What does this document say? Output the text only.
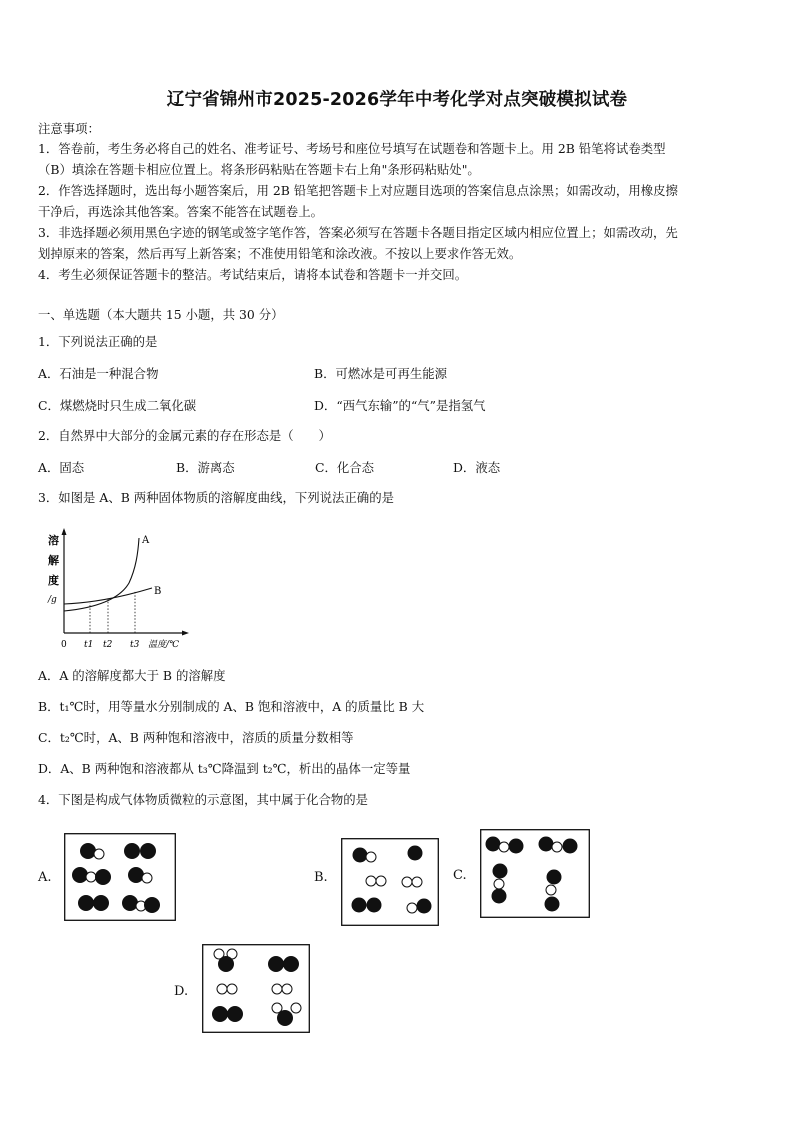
辽宁省锦州市2025-2026学年中考化学对点突破模拟试卷
注意事项：
1．答卷前，考生务必将自己的姓名、准考证号、考场号和座位号填写在试题卷和答题卡上。用 2B 铅笔将试卷类型
（B）填涂在答题卡相应位置上。将条形码粘贴在答题卡右上角"条形码粘贴处"。
2．作答选择题时，选出每小题答案后，用 2B 铅笔把答题卡上对应题目选项的答案信息点涂黑；如需改动，用橡皮擦
干净后，再选涂其他答案。答案不能答在试题卷上。
3．非选择题必须用黑色字迹的钢笔或签字笔作答，答案必须写在答题卡各题目指定区域内相应位置上；如需改动，先
划掉原来的答案，然后再写上新答案；不准使用铅笔和涂改液。不按以上要求作答无效。
4．考生必须保证答题卡的整洁。考试结束后，请将本试卷和答题卡一并交回。
一、单选题（本大题共 15 小题，共 30 分）
1．下列说法正确的是
A．石油是一种混合物	B．可燃冰是可再生能源
C．煤燃烧时只生成二氧化碳	D．“西气东输”的“气”是指氢气
2．自然界中大部分的金属元素的存在形态是（　　）
A．固态	B．游离态	C．化合态	D．液态
3．如图是 A、B 两种固体物质的溶解度曲线，下列说法正确的是
溶
解
度
/g
A
B
0 t1 t2 t3 温度/℃
A．A 的溶解度都大于 B 的溶解度
B．t₁℃时，用等量水分别制成的 A、B 饱和溶液中，A 的质量比 B 大
C．t₂℃时，A、B 两种饱和溶液中，溶质的质量分数相等
D．A、B 两种饱和溶液都从 t₃℃降温到 t₂℃，析出的晶体一定等量
4．下图是构成气体物质微粒的示意图，其中属于化合物的是
A.	B.	C.
D.
